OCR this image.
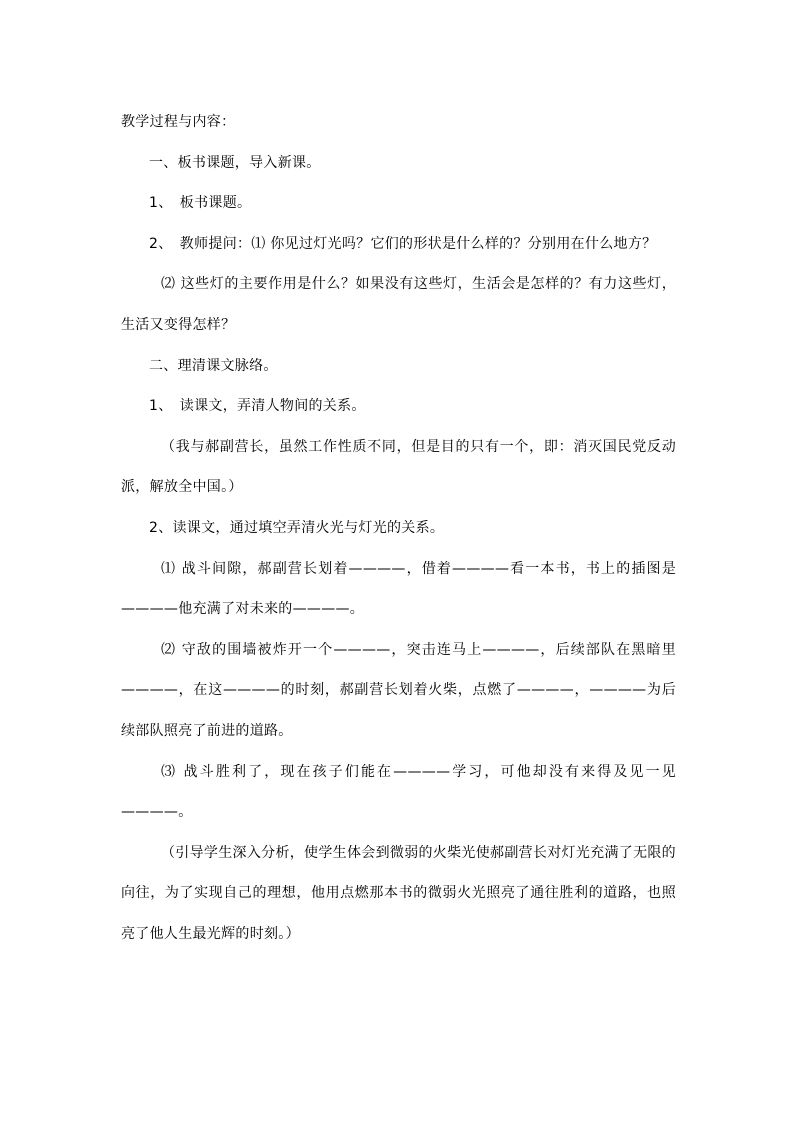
教学过程与内容：

一、板书课题，导入新课。

1、　板书课题。

2、　教师提问：⑴ 你见过灯光吗？它们的形状是什么样的？分别用在什么地方？

⑵ 这些灯的主要作用是什么？如果没有这些灯，生活会是怎样的？有力这些灯，生活又变得怎样？

二、理清课文脉络。

1、　读课文，弄清人物间的关系。

（我与郝副营长，虽然工作性质不同，但是目的只有一个，即：消灭国民党反动派，解放全中国。）

2、读课文，通过填空弄清火光与灯光的关系。

⑴ 战斗间隙，郝副营长划着————，借着————看一本书，书上的插图是————他充满了对未来的————。

⑵ 守敌的围墙被炸开一个————，突击连马上————，后续部队在黑暗里————，在这————的时刻，郝副营长划着火柴，点燃了————，————为后续部队照亮了前进的道路。

⑶ 战斗胜利了，现在孩子们能在————学习，可他却没有来得及见一见————。

（引导学生深入分析，使学生体会到微弱的火柴光使郝副营长对灯光充满了无限的向往，为了实现自己的理想，他用点燃那本书的微弱火光照亮了通往胜利的道路，也照亮了他人生最光辉的时刻。）
